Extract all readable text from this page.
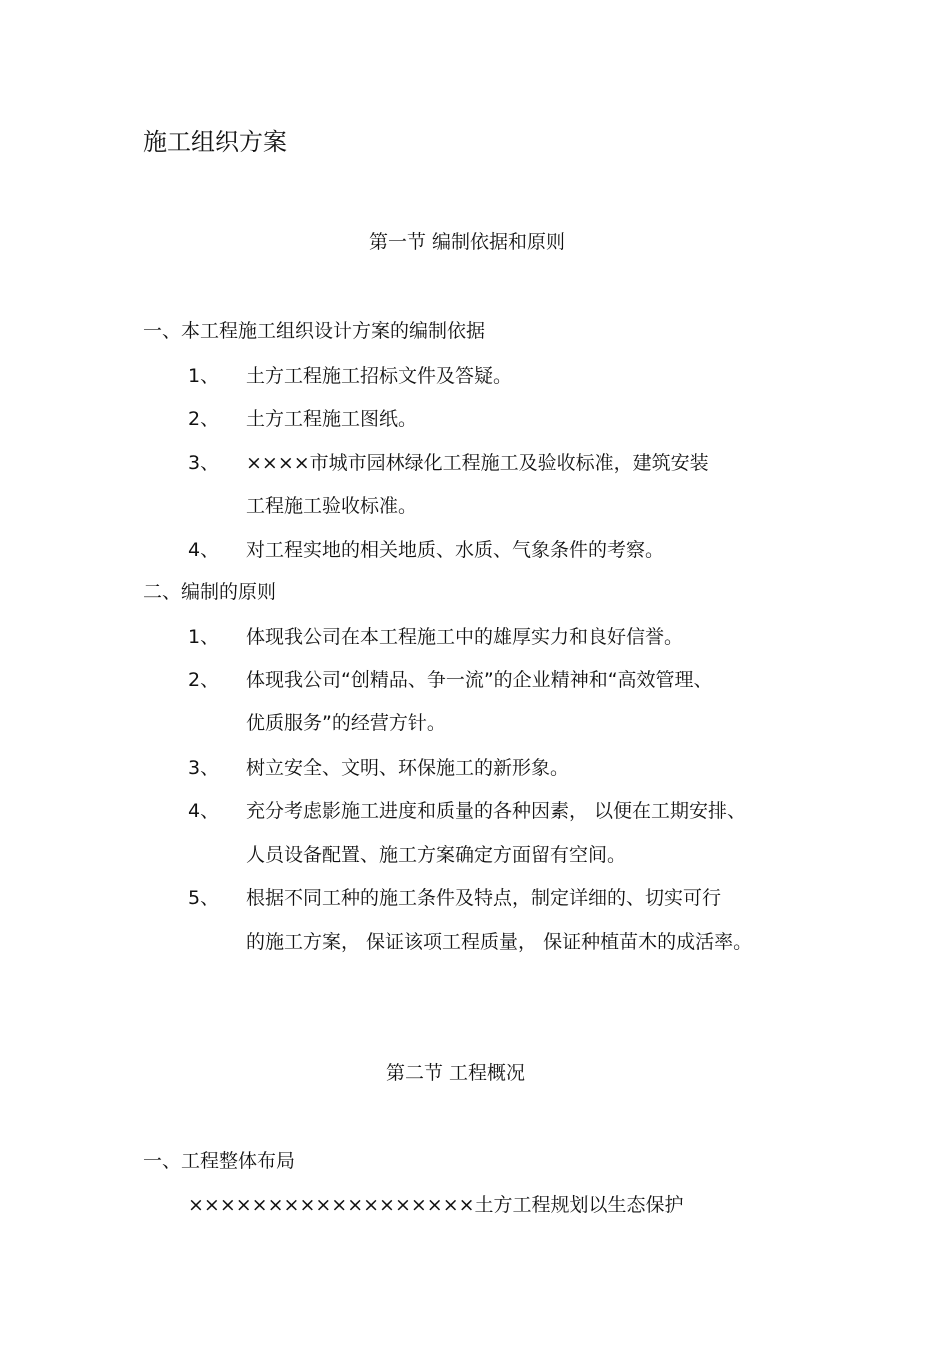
施工组织方案
第一节 编制依据和原则
一、本工程施工组织设计方案的编制依据
1、 土方工程施工招标文件及答疑。
2、 土方工程施工图纸。
3、 ××××市城市园林绿化工程施工及验收标准，建筑安装
工程施工验收标准。
4、 对工程实地的相关地质、水质、气象条件的考察。
二、编制的原则
1、 体现我公司在本工程施工中的雄厚实力和良好信誉。
2、 体现我公司“创精品、争一流”的企业精神和“高效管理、
优质服务”的经营方针。
3、 树立安全、文明、环保施工的新形象。
4、 充分考虑影施工进度和质量的各种因素， 以便在工期安排、
人员设备配置、施工方案确定方面留有空间。
5、 根据不同工种的施工条件及特点，制定详细的、切实可行
的施工方案， 保证该项工程质量， 保证种植苗木的成活率。
第二节 工程概况
一、工程整体布局
××××××××××××××××××土方工程规划以生态保护
